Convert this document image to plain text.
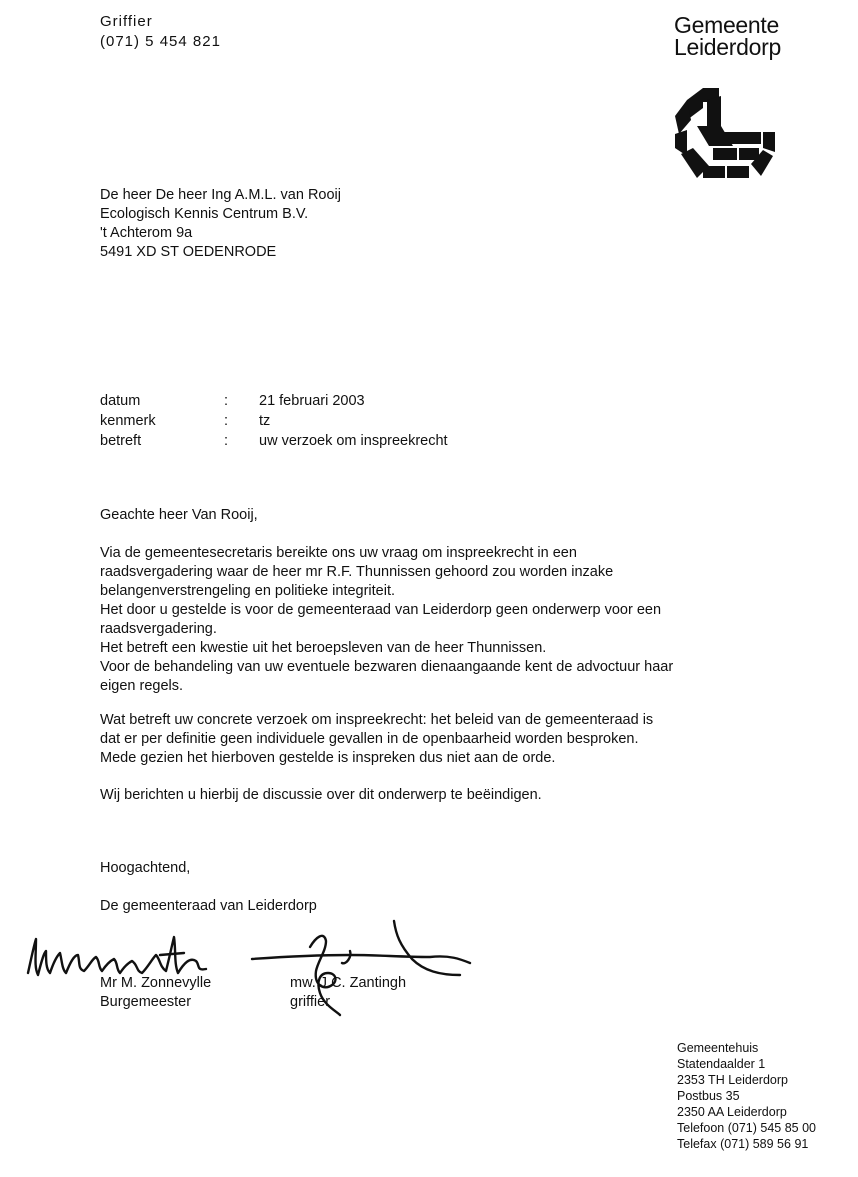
Griffier
(071) 5 454 821
Gemeente
Leiderdorp
De heer De heer Ing A.M.L. van Rooij
Ecologisch Kennis Centrum B.V.
't Achterom 9a
5491 XD ST OEDENRODE
datum	:	21 februari 2003
kenmerk	:	tz
betreft	:	uw verzoek om inspreekrecht
Geachte heer Van Rooij,
Via de gemeentesecretaris bereikte ons uw vraag om inspreekrecht in een
raadsvergadering waar de heer mr R.F. Thunnissen gehoord zou worden inzake
belangenverstrengeling en politieke integriteit.
Het door u gestelde is voor de gemeenteraad van Leiderdorp geen onderwerp voor een
raadsvergadering.
Het betreft een kwestie uit het beroepsleven van de heer Thunnissen.
Voor de behandeling van uw eventuele bezwaren dienaangaande kent de advoctuur haar
eigen regels.
Wat betreft uw concrete verzoek om inspreekrecht: het beleid van de gemeenteraad is
dat er per definitie geen individuele gevallen in de openbaarheid worden besproken.
Mede gezien het hierboven gestelde is inspreken dus niet aan de orde.
Wij berichten u hierbij de discussie over dit onderwerp te beëindigen.
Hoogachtend,
De gemeenteraad van Leiderdorp
Mr M. Zonnevylle
Burgemeester
mw. J.C. Zantingh
griffier
Gemeentehuis
Statendaalder 1
2353 TH Leiderdorp
Postbus 35
2350 AA Leiderdorp
Telefoon (071) 545 85 00
Telefax (071) 589 56 91
